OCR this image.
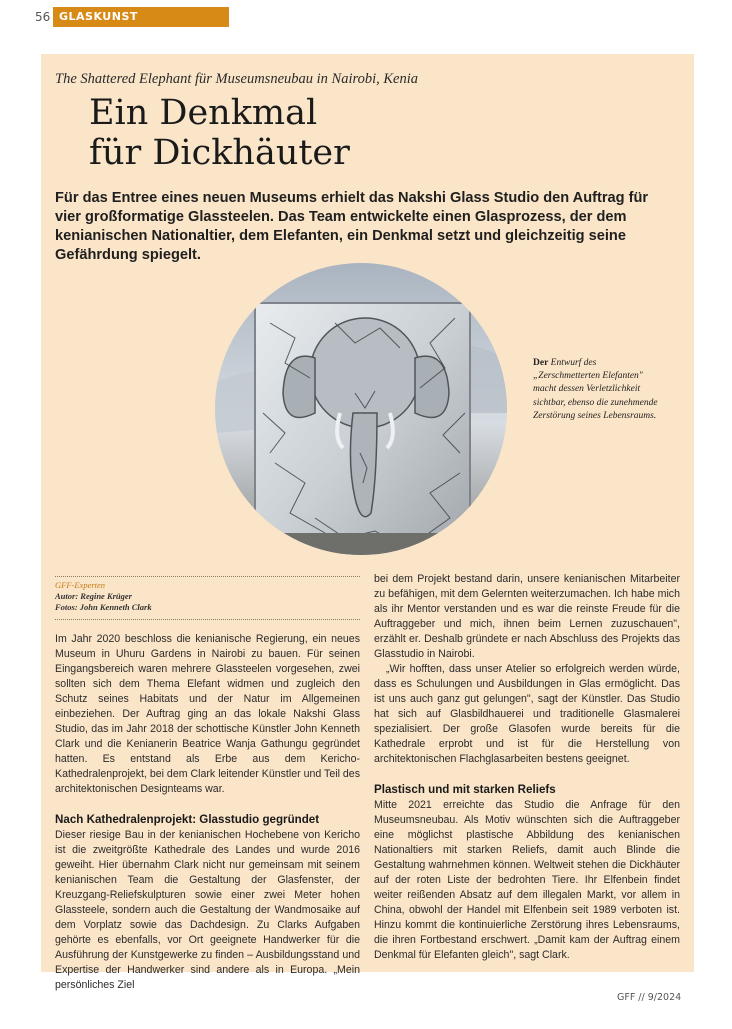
56 GLASKUNST
The Shattered Elephant für Museumsneubau in Nairobi, Kenia
Ein Denkmal
für Dickhäuter

Für das Entree eines neuen Museums erhielt das Nakshi Glass Studio den Auftrag für vier großformatige Glassteelen. Das Team entwickelte einen Glasprozess, der dem kenianischen Nationaltier, dem Elefanten, ein Denkmal setzt und gleichzeitig seine Gefährdung spiegelt.

Der Entwurf des „Zerschmetterten Elefanten" macht dessen Verletzlichkeit sichtbar, ebenso die zunehmende Zerstörung seines Lebensraums.

GFF-Experten
Autor: Regine Krüger
Fotos: John Kenneth Clark

Im Jahr 2020 beschloss die kenianische Regierung, ein neues Museum in Uhuru Gardens in Nairobi zu bauen. Für seinen Eingangsbereich waren mehrere Glassteelen vorgesehen, zwei sollten sich dem Thema Elefant widmen und zugleich den Schutz seines Habitats und der Natur im Allgemeinen einbeziehen. Der Auftrag ging an das lokale Nakshi Glass Studio, das im Jahr 2018 der schottische Künstler John Kenneth Clark und die Kenianerin Beatrice Wanja Gathungu gegründet hatten. Es entstand als Erbe aus dem Kericho-Kathedralenprojekt, bei dem Clark leitender Künstler und Teil des architektonischen Designteams war.

Nach Kathedralenprojekt: Glasstudio gegründet

Dieser riesige Bau in der kenianischen Hochebene von Kericho ist die zweitgrößte Kathedrale des Landes und wurde 2016 geweiht. Hier übernahm Clark nicht nur gemeinsam mit seinem kenianischen Team die Gestaltung der Glasfenster, der Kreuzgang-Reliefskulpturen sowie einer zwei Meter hohen Glassteele, sondern auch die Gestaltung der Wandmosaike auf dem Vorplatz sowie das Dachdesign. Zu Clarks Aufgaben gehörte es ebenfalls, vor Ort geeignete Handwerker für die Ausführung der Kunstgewerke zu finden – Ausbildungsstand und Expertise der Handwerker sind andere als in Europa. „Mein persönliches Ziel

bei dem Projekt bestand darin, unsere kenianischen Mitarbeiter zu befähigen, mit dem Gelernten weiterzumachen. Ich habe mich als ihr Mentor verstanden und es war die reinste Freude für die Auftraggeber und mich, ihnen beim Lernen zuzuschauen", erzählt er. Deshalb gründete er nach Abschluss des Projekts das Glasstudio in Nairobi.

„Wir hofften, dass unser Atelier so erfolgreich werden würde, dass es Schulungen und Ausbildungen in Glas ermöglicht. Das ist uns auch ganz gut gelungen", sagt der Künstler. Das Studio hat sich auf Glasbildhauerei und traditionelle Glasmalerei spezialisiert. Der große Glasofen wurde bereits für die Kathedrale erprobt und ist für die Herstellung von architektonischen Flachglasarbeiten bestens geeignet.

Plastisch und mit starken Reliefs

Mitte 2021 erreichte das Studio die Anfrage für den Museumsneubau. Als Motiv wünschten sich die Auftraggeber eine möglichst plastische Abbildung des kenianischen Nationaltiers mit starken Reliefs, damit auch Blinde die Gestaltung wahrnehmen können. Weltweit stehen die Dickhäuter auf der roten Liste der bedrohten Tiere. Ihr Elfenbein findet weiter reißenden Absatz auf dem illegalen Markt, vor allem in China, obwohl der Handel mit Elfenbein seit 1989 verboten ist. Hinzu kommt die kontinuierliche Zerstörung ihres Lebensraums, die ihren Fortbestand erschwert. „Damit kam der Auftrag einem Denkmal für Elefanten gleich", sagt Clark.

GFF // 9/2024
